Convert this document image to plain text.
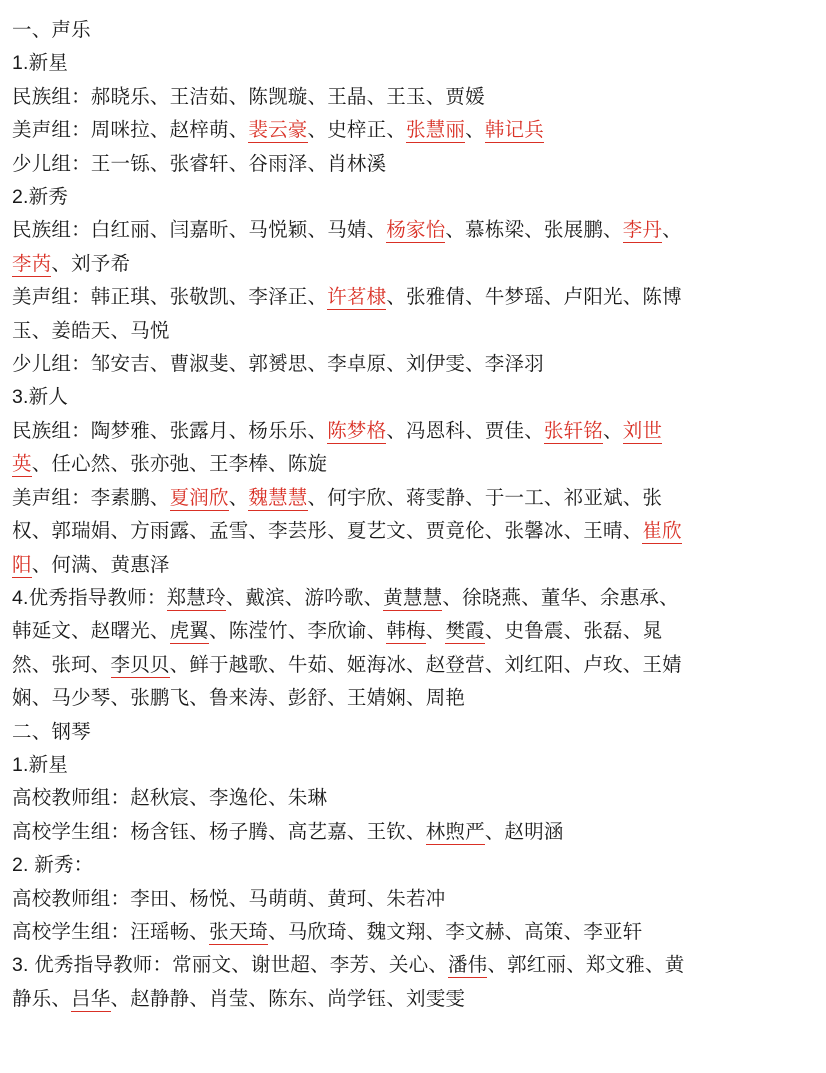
一、声乐
1.新星
民族组：郝晓乐、王洁茹、陈觊璇、王晶、王玉、贾媛
美声组：周咪拉、赵梓萌、裴云豪、史梓正、张慧丽、韩记兵
少儿组：王一铄、张睿轩、谷雨泽、肖林溪
2.新秀
民族组：白红丽、闫嘉昕、马悦颖、马婧、杨家怡、慕栋梁、张展鹏、李丹、
李芮、刘予希
美声组：韩正琪、张敬凯、李泽正、许茗棣、张雅倩、牛梦瑶、卢阳光、陈博
玉、姜皓天、马悦
少儿组：邹安吉、曹淑斐、郭赟思、李卓原、刘伊雯、李泽羽
3.新人
民族组：陶梦雅、张露月、杨乐乐、陈梦格、冯恩科、贾佳、张轩铭、刘世
英、任心然、张亦弛、王李棒、陈旋
美声组：李素鹏、夏润欣、魏慧慧、何宇欣、蒋雯静、于一工、祁亚斌、张
权、郭瑞娟、方雨露、孟雪、李芸彤、夏艺文、贾竟伦、张馨冰、王晴、崔欣
阳、何满、黄惠泽
4.优秀指导教师：郑慧玲、戴滨、游吟歌、黄慧慧、徐晓燕、董华、余惠承、
韩延文、赵曙光、虎翼、陈滢竹、李欣谕、韩梅、樊霞、史鲁震、张磊、晁
然、张珂、李贝贝、鲜于越歌、牛茹、姬海冰、赵登营、刘红阳、卢玫、王婧
娴、马少琴、张鹏飞、鲁来涛、彭舒、王婧娴、周艳
二、钢琴
1.新星
高校教师组：赵秋宸、李逸伦、朱琳
高校学生组：杨含钰、杨子腾、高艺嘉、王钦、林煦严、赵明涵
2. 新秀：
高校教师组：李田、杨悦、马萌萌、黄珂、朱若冲
高校学生组：汪瑶畅、张天琦、马欣琦、魏文翔、李文赫、高策、李亚轩
3. 优秀指导教师：常丽文、谢世超、李芳、关心、潘伟、郭红丽、郑文雅、黄
静乐、吕华、赵静静、肖莹、陈东、尚学钰、刘雯雯
